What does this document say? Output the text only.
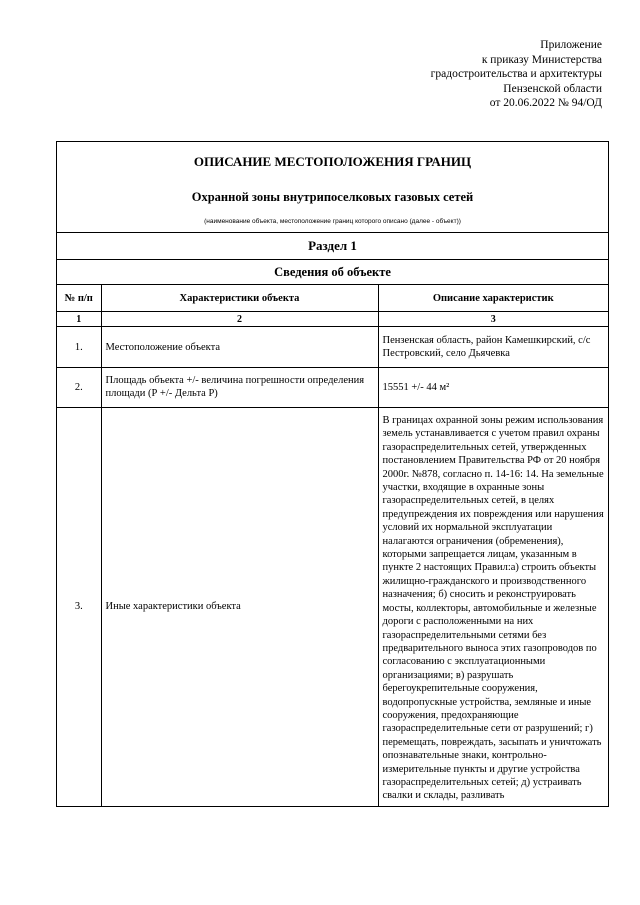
Приложение
к приказу Министерства
градостроительства и архитектуры
Пензенской области
от 20.06.2022 № 94/ОД
ОПИСАНИЕ МЕСТОПОЛОЖЕНИЯ ГРАНИЦ
Охранной зоны внутрипоселковых газовых сетей
(наименование объекта, местоположение границ которого описано (далее - объект))
Раздел 1
Сведения об объекте
№ п/п	Характеристики объекта	Описание характеристик
1	2	3
1.	Местоположение объекта	Пензенская область, район Камешкирский, с/с Пестровский, село Дьячевка
2.	Площадь объекта +/- величина погрешности определения площади (Р +/- Дельта Р)	15551 +/- 44 м²
3.	Иные характеристики объекта	В границах охранной зоны режим использования земель устанавливается с учетом правил охраны газораспределительных сетей, утвержденных постановлением Правительства РФ от 20 ноября 2000г. №878, согласно п. 14-16: 14. На земельные участки, входящие в охранные зоны газораспределительных сетей, в целях предупреждения их повреждения или нарушения условий их нормальной эксплуатации налагаются ограничения (обременения), которыми запрещается лицам, указанным в пункте 2 настоящих Правил:а) строить объекты жилищно-гражданского и производственного назначения; б) сносить и реконструировать мосты, коллекторы, автомобильные и железные дороги с расположенными на них газораспределительными сетями без предварительного выноса этих газопроводов по согласованию с эксплуатационными организациями; в) разрушать берегоукрепительные сооружения, водопропускные устройства, земляные и иные сооружения, предохраняющие газораспределительные сети от разрушений; г) перемещать, повреждать, засыпать и уничтожать опознавательные знаки, контрольно-измерительные пункты и другие устройства газораспределительных сетей; д) устраивать свалки и склады, разливать
